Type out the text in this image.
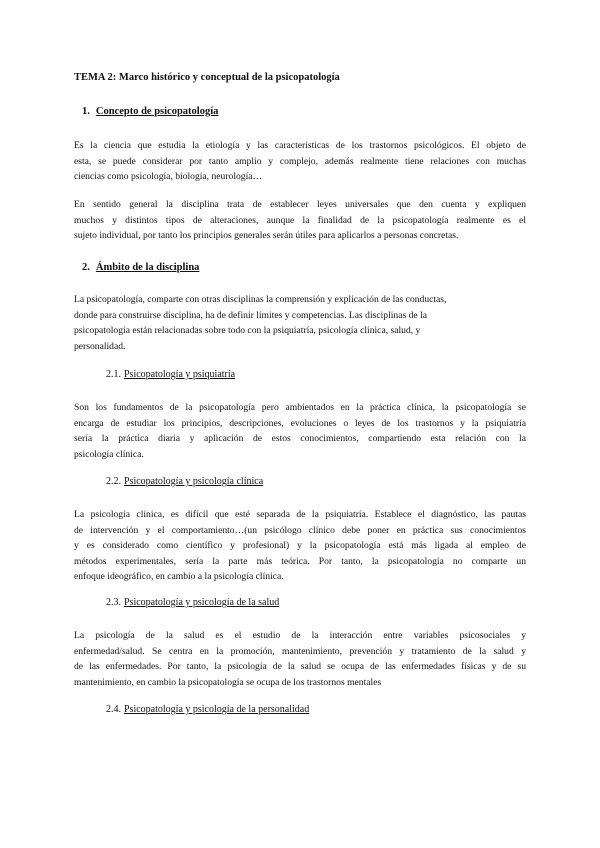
TEMA 2: Marco histórico y conceptual de la psicopatología
1. Concepto de psicopatología
Es la ciencia que estudia la etiología y las características de los trastornos psicológicos. El objeto de
esta, se puede considerar por tanto amplio y complejo, además realmente tiene relaciones con muchas
ciencias como psicología, biología, neurología…
En sentido general la disciplina trata de establecer leyes universales que den cuenta y expliquen
muchos y distintos tipos de alteraciones, aunque la finalidad de la psicopatología realmente es el
sujeto individual, por tanto los principios generales serán útiles para aplicarlos a personas concretas.
2. Ámbito de la disciplina
La psicopatología, comparte con otras disciplinas la comprensión y explicación de las conductas,
donde para construirse disciplina, ha de definir límites y competencias. Las disciplinas de la
psicopatología están relacionadas sobre todo con la psiquiatría, psicología clínica, salud, y
personalidad.
2.1. Psicopatología y psiquiatría
Son los fundamentos de la psicopatología pero ambientados en la práctica clínica, la psicopatología se
encarga de estudiar los principios, descripciones, evoluciones o leyes de los trastornos y la psiquiatría
sería la práctica diaria y aplicación de estos conocimientos, compartiendo esta relación con la
psicología clínica.
2.2. Psicopatología y psicología clínica
La psicología clínica, es difícil que esté separada de la psiquiatría. Establece el diagnóstico, las pautas
de intervención y el comportamiento…(un psicólogo clínico debe poner en práctica sus conocimientos
y es considerado como científico y profesional) y la psicopatología está más ligada al empleo de
métodos experimentales, sería la parte más teórica. Por tanto, la psicopatología no comparte un
enfoque ideográfico, en cambio a la psicología clínica.
2.3. Psicopatología y psicología de la salud
La psicología de la salud es el estudio de la interacción entre variables psicosociales y
enfermedad/salud. Se centra en la promoción, mantenimiento, prevención y tratamiento de la salud y
de las enfermedades. Por tanto, la psicología de la salud se ocupa de las enfermedades físicas y de su
mantenimiento, en cambio la psicopatología se ocupa de los trastornos mentales
2.4. Psicopatología y psicología de la personalidad
